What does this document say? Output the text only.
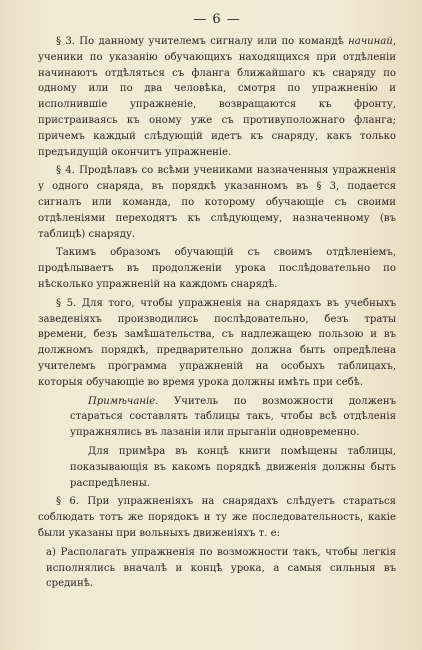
— 6 —

§ 3. По данному учителемъ сигналу или по командѣ начинай, ученики по указанію обучающихъ находящихся при отдѣленіи начинаютъ отдѣляться съ фланга ближайшаго къ снаряду по одному или по два человѣка, смотря по упражненію и исполнившіе упражненіе, возвращаются къ фронту, пристраиваясь къ оному уже съ противуположнаго фланга; причемъ каждый слѣдующій идетъ къ снаряду, какъ только предъидущій окончитъ упражненіе.

§ 4. Продѣлавъ со всѣми учениками назначенныя упражненія у одного снаряда, въ порядкѣ указанномъ въ § 3, подается сигналъ или команда, по которому обучающіе съ своими отдѣленіями переходятъ къ слѣдующему, назначенному (въ таблицѣ) снаряду.

Такимъ образомъ обучающій съ своимъ отдѣленіемъ, продѣлываетъ въ продолженіи урока послѣдовательно по нѣсколько упражненій на каждомъ снарядѣ.

§ 5. Для того, чтобы упражненія на снарядахъ въ учебныхъ заведеніяхъ производились послѣдовательно, безъ траты времени, безъ замѣшательства, съ надлежащею пользою и въ должномъ порядкѣ, предварительно должна быть опредѣлена учителемъ программа упражненій на особыхъ таблицахъ, которыя обучающіе во время урока должны имѣть при себѣ.

Примѣчаніе. Учитель по возможности долженъ стараться составлять таблицы такъ, чтобы всѣ отдѣленія упражнялись въ лазаніи или прыганіи одновременно.

Для примѣра въ концѣ книги помѣщены таблицы, показывающія въ какомъ порядкѣ движенія должны быть распредѣлены.

§ 6. При упражненіяхъ на снарядахъ слѣдуетъ стараться соблюдать тотъ же порядокъ и ту же последовательность, какіе были указаны при вольныхъ движеніяхъ т. е:

а) Располагать упражненія по возможности такъ, чтобы легкія исполнялись вначалѣ и концѣ урока, а самыя сильныя въ срединѣ.
